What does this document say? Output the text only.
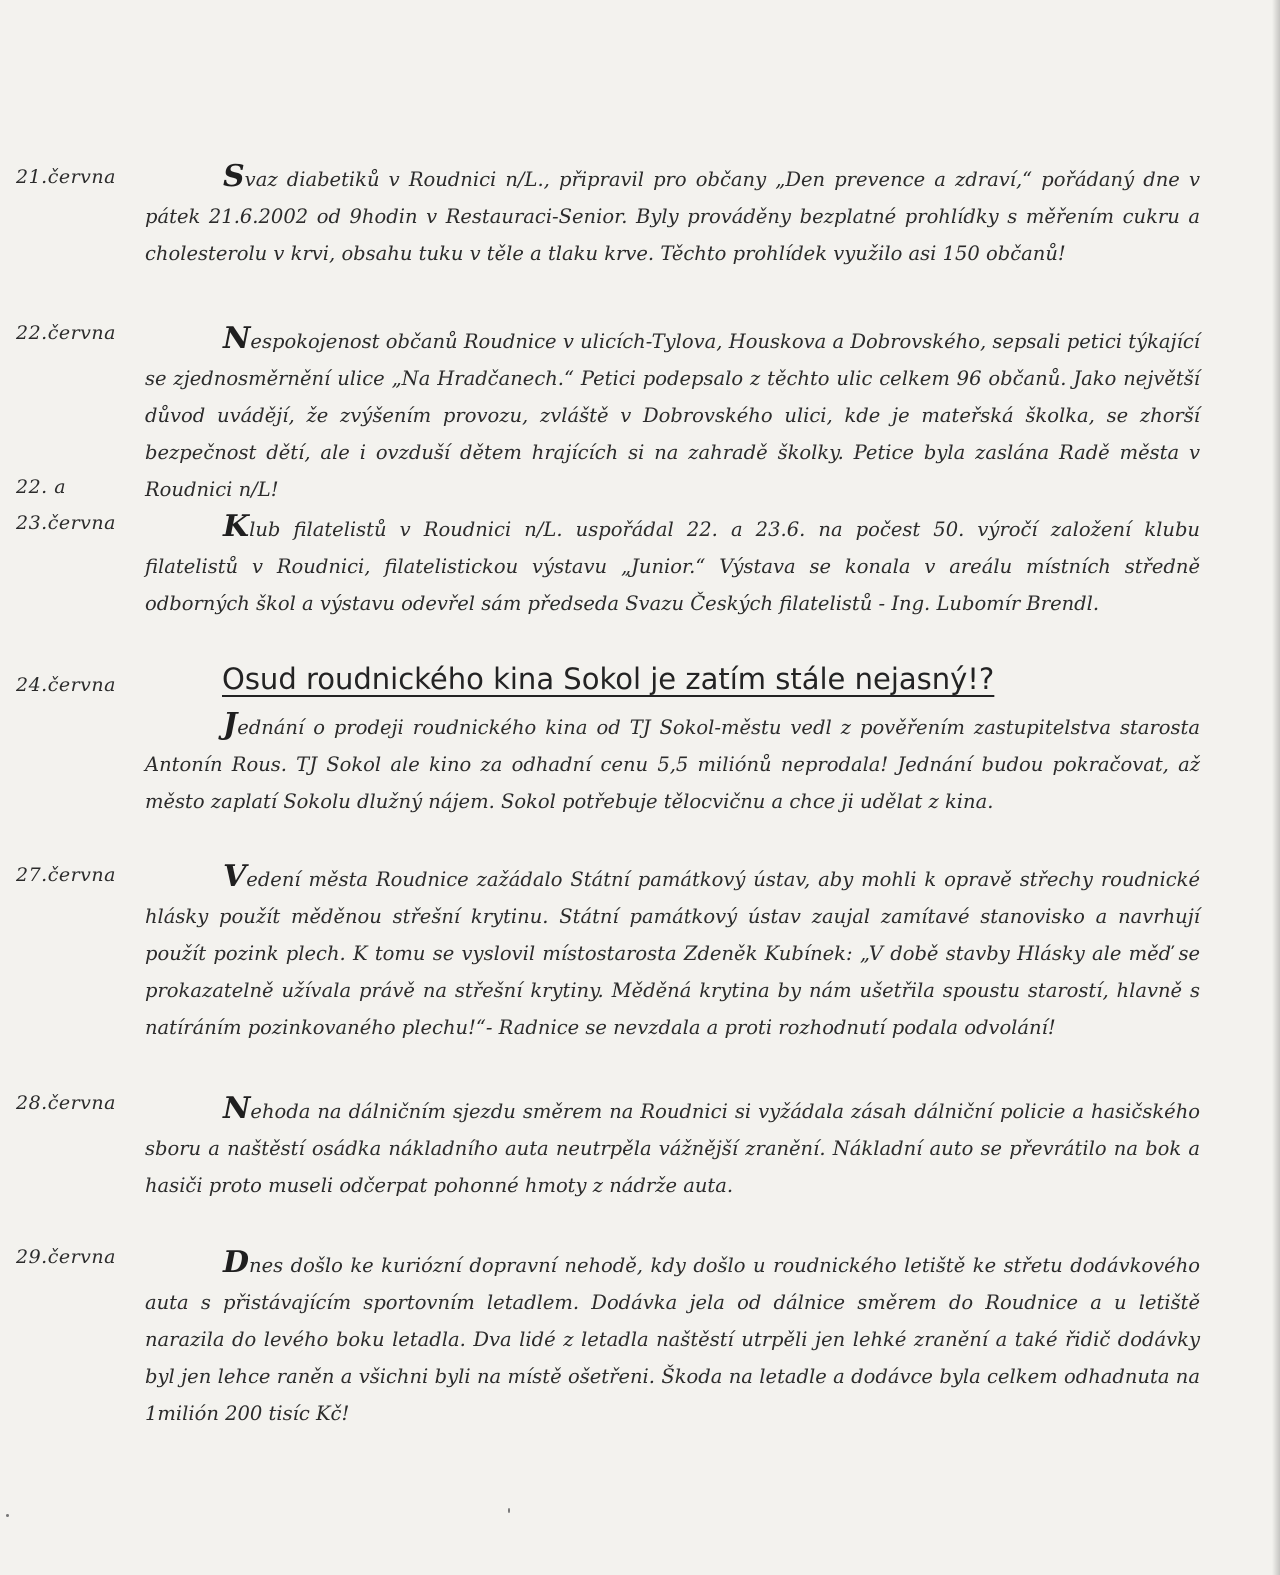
21.června	Svaz diabetiků v Roudnici n/L., připravil pro občany „Den prevence a zdraví,“ pořádaný dne v pátek 21.6.2002 od 9hodin v Restauraci-Senior. Byly prováděny bezplatné prohlídky s měřením cukru a cholesterolu v krvi, obsahu tuku v těle a tlaku krve. Těchto prohlídek využilo asi 150 občanů!

22.června	Nespokojenost občanů Roudnice v ulicích-Tylova, Houskova a Dobrovského, sepsali petici týkající se zjednosměrnění ulice „Na Hradčanech.“ Petici podepsalo z těchto ulic celkem 96 občanů. Jako největší důvod uvádějí, že zvýšením provozu, zvláště v Dobrovského ulici, kde je mateřská školka, se zhorší bezpečnost dětí, ale i ovzduší dětem hrajících si na zahradě školky. Petice byla zaslána Radě města v Roudnici n/L!

22. a
23.června	Klub filatelistů v Roudnici n/L. uspořádal 22. a 23.6. na počest 50. výročí založení klubu filatelistů v Roudnici, filatelistickou výstavu „Junior.“ Výstava se konala v areálu místních středně odborných škol a výstavu odevřel sám předseda Svazu Českých filatelistů - Ing. Lubomír Brendl.

24.června	Osud roudnického kina Sokol je zatím stále nejasný!?

Jednání o prodeji roudnického kina od TJ Sokol-městu vedl z pověřením zastupitelstva starosta Antonín Rous. TJ Sokol ale kino za odhadní cenu 5,5 miliónů neprodala! Jednání budou pokračovat, až město zaplatí Sokolu dlužný nájem. Sokol potřebuje tělocvičnu a chce ji udělat z kina.

27.června	Vedení města Roudnice zažádalo Státní památkový ústav, aby mohli k opravě střechy roudnické hlásky použít měděnou střešní krytinu. Státní památkový ústav zaujal zamítavé stanovisko a navrhují použít pozink plech. K tomu se vyslovil místostarosta Zdeněk Kubínek: „V době stavby Hlásky ale měď se prokazatelně užívala právě na střešní krytiny. Měděná krytina by nám ušetřila spoustu starostí, hlavně s natíráním pozinkovaného plechu!“- Radnice se nevzdala a proti rozhodnutí podala odvolání!

28.června	Nehoda na dálničním sjezdu směrem na Roudnici si vyžádala zásah dálniční policie a hasičského sboru a naštěstí osádka nákladního auta neutrpěla vážnější zranění. Nákladní auto se převrátilo na bok a hasiči proto museli odčerpat pohonné hmoty z nádrže auta.

29.června	Dnes došlo ke kuriózní dopravní nehodě, kdy došlo u roudnického letiště ke střetu dodávkového auta s přistávajícím sportovním letadlem. Dodávka jela od dálnice směrem do Roudnice a u letiště narazila do levého boku letadla. Dva lidé z letadla naštěstí utrpěli jen lehké zranění a také řidič dodávky byl jen lehce raněn a všichni byli na místě ošetřeni. Škoda na letadle a dodávce byla celkem odhadnuta na 1milión 200 tisíc Kč!
